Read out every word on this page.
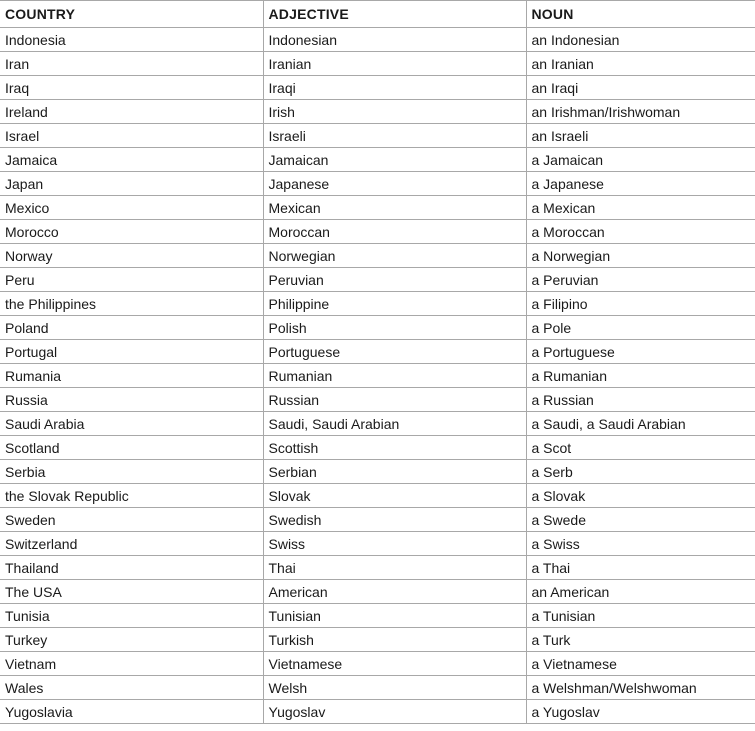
COUNTRY	ADJECTIVE	NOUN
Indonesia	Indonesian	an Indonesian
Iran	Iranian	an Iranian
Iraq	Iraqi	an Iraqi
Ireland	Irish	an Irishman/Irishwoman
Israel	Israeli	an Israeli
Jamaica	Jamaican	a Jamaican
Japan	Japanese	a Japanese
Mexico	Mexican	a Mexican
Morocco	Moroccan	a Moroccan
Norway	Norwegian	a Norwegian
Peru	Peruvian	a Peruvian
the Philippines	Philippine	a Filipino
Poland	Polish	a Pole
Portugal	Portuguese	a Portuguese
Rumania	Rumanian	a Rumanian
Russia	Russian	a Russian
Saudi Arabia	Saudi, Saudi Arabian	a Saudi, a Saudi Arabian
Scotland	Scottish	a Scot
Serbia	Serbian	a Serb
the Slovak Republic	Slovak	a Slovak
Sweden	Swedish	a Swede
Switzerland	Swiss	a Swiss
Thailand	Thai	a Thai
The USA	American	an American
Tunisia	Tunisian	a Tunisian
Turkey	Turkish	a Turk
Vietnam	Vietnamese	a Vietnamese
Wales	Welsh	a Welshman/Welshwoman
Yugoslavia	Yugoslav	a Yugoslav
